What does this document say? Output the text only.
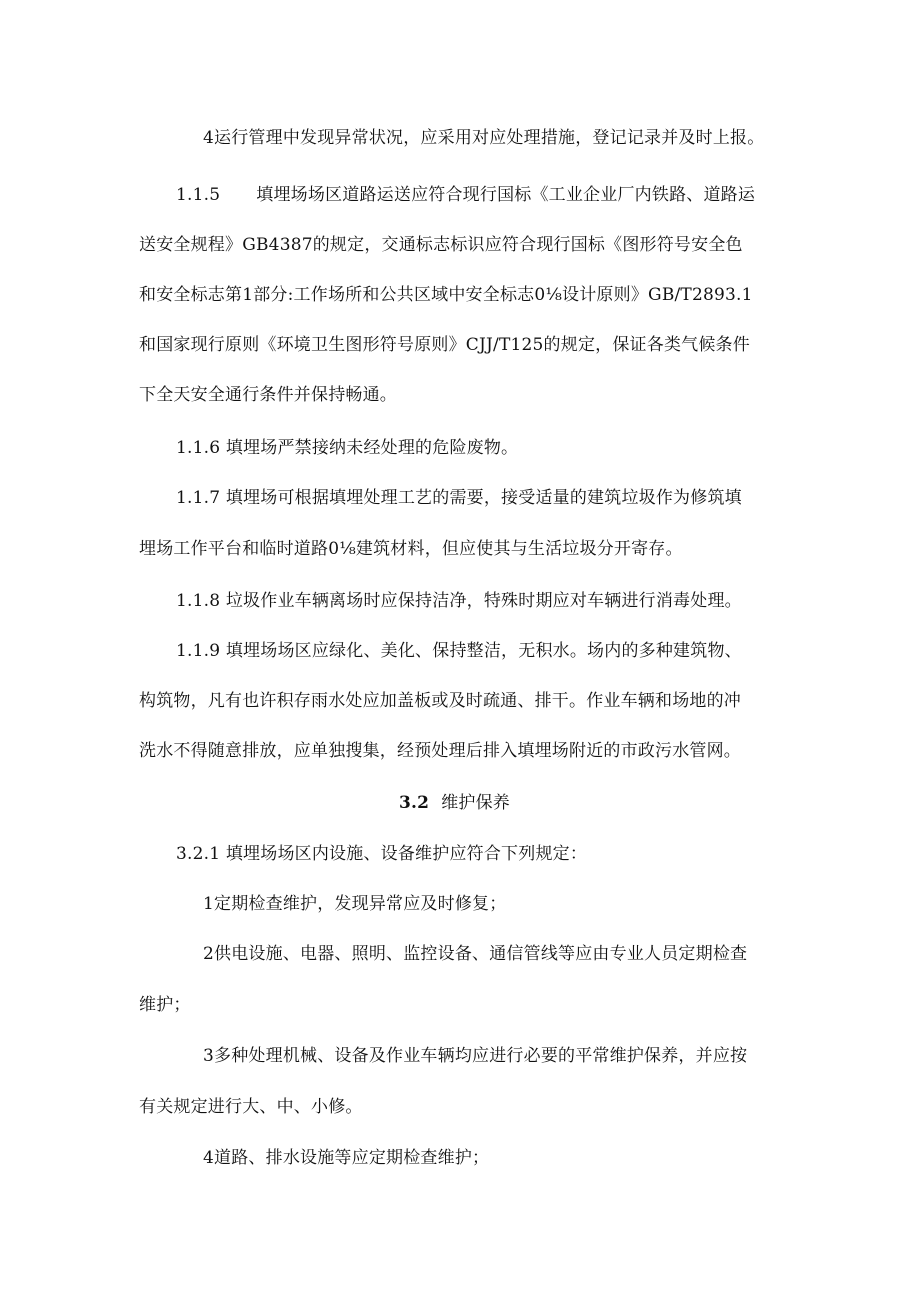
4运行管理中发现异常状况，应采用对应处理措施，登记记录并及时上报。
1.1.5 填埋场场区道路运送应符合现行国标《工业企业厂内铁路、道路运
送安全规程》GB4387的规定，交通标志标识应符合现行国标《图形符号安全色
和安全标志第1部分:工作场所和公共区域中安全标志0⅛设计原则》GB/T2893.1
和国家现行原则《环境卫生图形符号原则》CJJ/T125的规定，保证各类气候条件
下全天安全通行条件并保持畅通。
1.1.6 填埋场严禁接纳未经处理的危险废物。
1.1.7 填埋场可根据填埋处理工艺的需要，接受适量的建筑垃圾作为修筑填
埋场工作平台和临时道路0⅛建筑材料，但应使其与生活垃圾分开寄存。
1.1.8 垃圾作业车辆离场时应保持洁净，特殊时期应对车辆进行消毒处理。
1.1.9 填埋场场区应绿化、美化、保持整洁，无积水。场内的多种建筑物、
构筑物，凡有也许积存雨水处应加盖板或及时疏通、排干。作业车辆和场地的冲
洗水不得随意排放，应单独搜集，经预处理后排入填埋场附近的市政污水管网。
3.2 维护保养
3.2.1 填埋场场区内设施、设备维护应符合下列规定：
1定期检查维护，发现异常应及时修复；
2供电设施、电器、照明、监控设备、通信管线等应由专业人员定期检查
维护；
3多种处理机械、设备及作业车辆均应进行必要的平常维护保养，并应按
有关规定进行大、中、小修。
4道路、排水设施等应定期检查维护；
